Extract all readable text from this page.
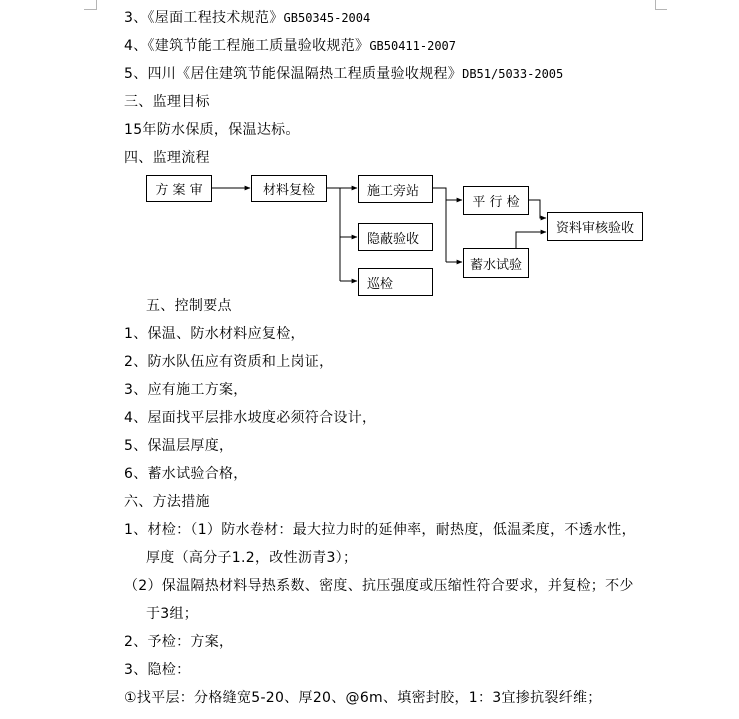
3、《屋面工程技术规范》GB50345-2004
4、《建筑节能工程施工质量验收规范》GB50411-2007
5、四川《居住建筑节能保温隔热工程质量验收规程》DB51/5033-2005
三、监理目标
15年防水保质，保温达标。
四、监理流程
方 案 审	材料复检	施工旁站
隐蔽验收
巡检
平 行 检
蓄水试验
资料审核验收
五、控制要点
1、保温、防水材料应复检，
2、防水队伍应有资质和上岗证，
3、应有施工方案，
4、屋面找平层排水坡度必须符合设计，
5、保温层厚度，
6、蓄水试验合格，
六、方法措施
1、材检：（1）防水卷材：最大拉力时的延伸率，耐热度，低温柔度，不透水性，
厚度（高分子1.2，改性沥青3）；
（2）保温隔热材料导热系数、密度、抗压强度或压缩性符合要求，并复检；不少
于3组；
2、予检：方案，
3、隐检：
①找平层：分格缝宽5-20、厚20、@6m、填密封胶，1：3宜掺抗裂纤维；
